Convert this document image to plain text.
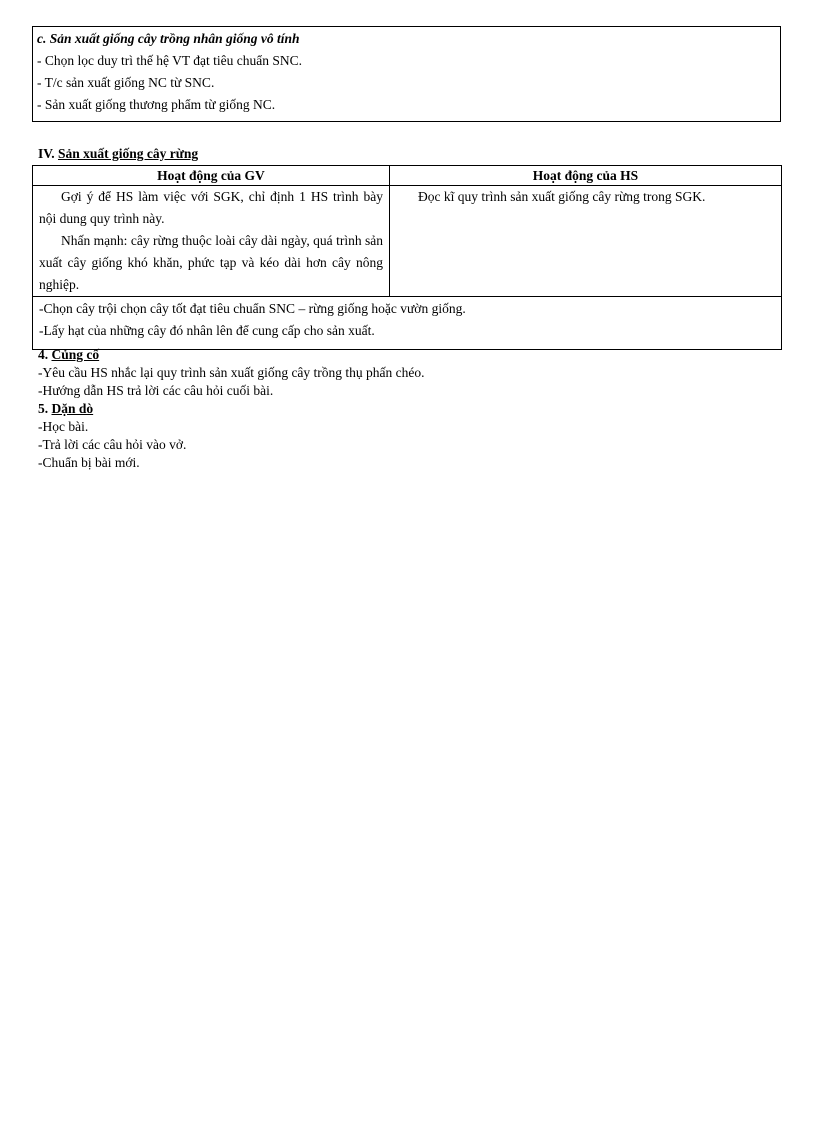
c. Sản xuất giống cây trồng nhân giống vô tính
- Chọn lọc duy trì thế hệ VT đạt tiêu chuẩn SNC.
- T/c sản xuất giống NC từ SNC.
- Sản xuất giống thương phẩm từ giống NC.
IV. Sản xuất giống cây rừng
Hoạt động của GV	Hoạt động của HS

Gợi ý để HS làm việc với SGK, chỉ định 1 HS trình bày nội dung quy trình này.
Nhấn mạnh: cây rừng thuộc loài cây dài ngày, quá trình sản xuất cây giống khó khăn, phức tạp và kéo dài hơn cây nông nghiệp.	Đọc kĩ quy trình sản xuất giống cây rừng trong SGK.

-Chọn cây trội chọn cây tốt đạt tiêu chuẩn SNC – rừng giống hoặc vườn giống.
-Lấy hạt của những cây đó nhân lên để cung cấp cho sản xuất.	
4. Củng cố
-Yêu cầu HS nhắc lại quy trình sản xuất giống cây trồng thụ phấn chéo.
-Hướng dẫn HS trả lời các câu hỏi cuối bài.
5. Dặn dò
-Học bài.
-Trả lời các câu hỏi vào vở.
-Chuẩn bị bài mới.
